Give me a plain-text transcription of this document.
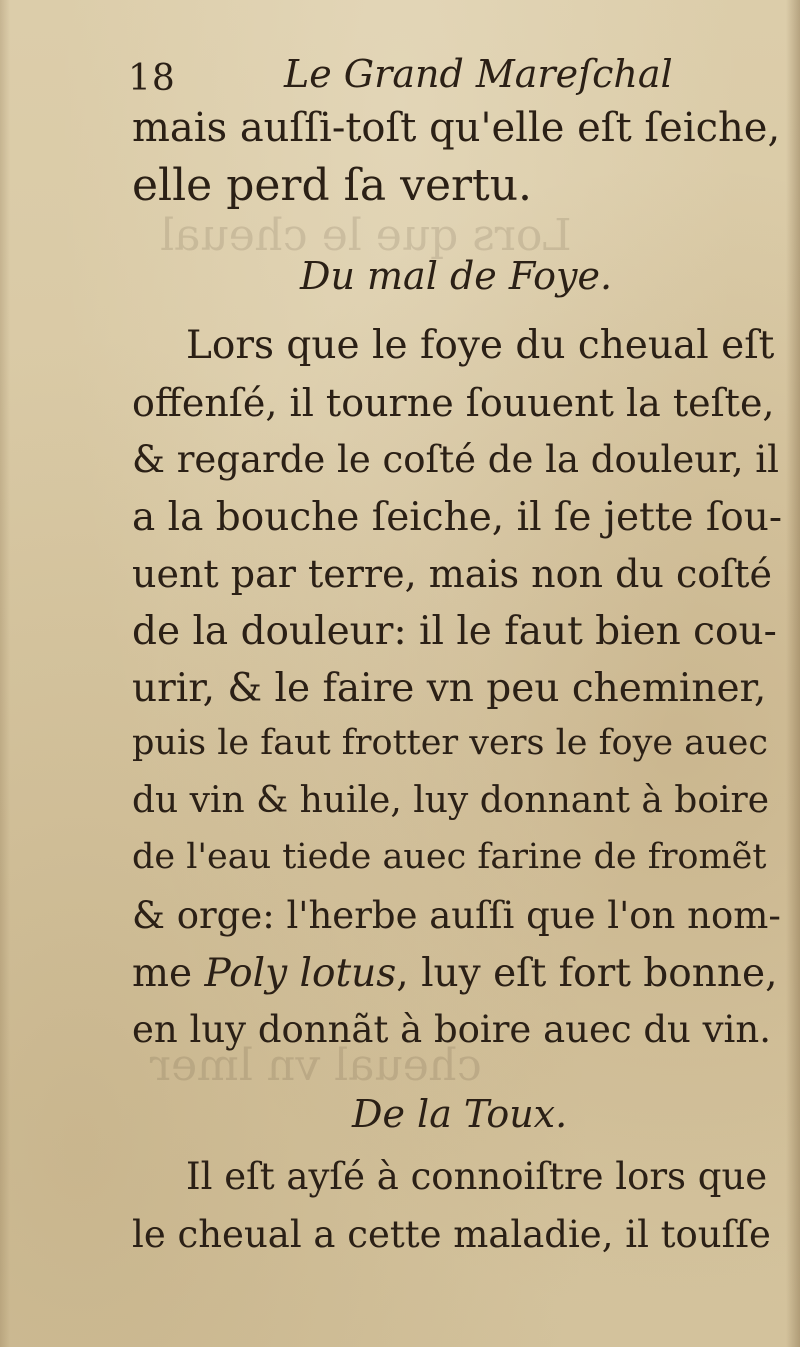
Lors que le cheual
cheual vn lmer
18	Le Grand Mareſchal
mais auſſi-toſt qu'elle eſt ſeiche,
elle perd ſa vertu.
Du mal de Foye.
Lors que le foye du cheual eſt
offenſé, il tourne ſouuent la teſte,
& regarde le coſté de la douleur, il
a la bouche ſeiche, il ſe jette ſou-
uent par terre, mais non du coſté
de la douleur: il le faut bien cou-
urir, & le faire vn peu cheminer,
puis le faut frotter vers le foye auec
du vin & huile, luy donnant à boire
de l'eau tiede auec farine de fromẽt
& orge: l'herbe auſſi que l'on nom-
me Poly lotus, luy eſt fort bonne,
en luy donnãt à boire auec du vin.
De la Toux.
Il eſt ayſé à connoiſtre lors que
le cheual a cette maladie, il touſſe
